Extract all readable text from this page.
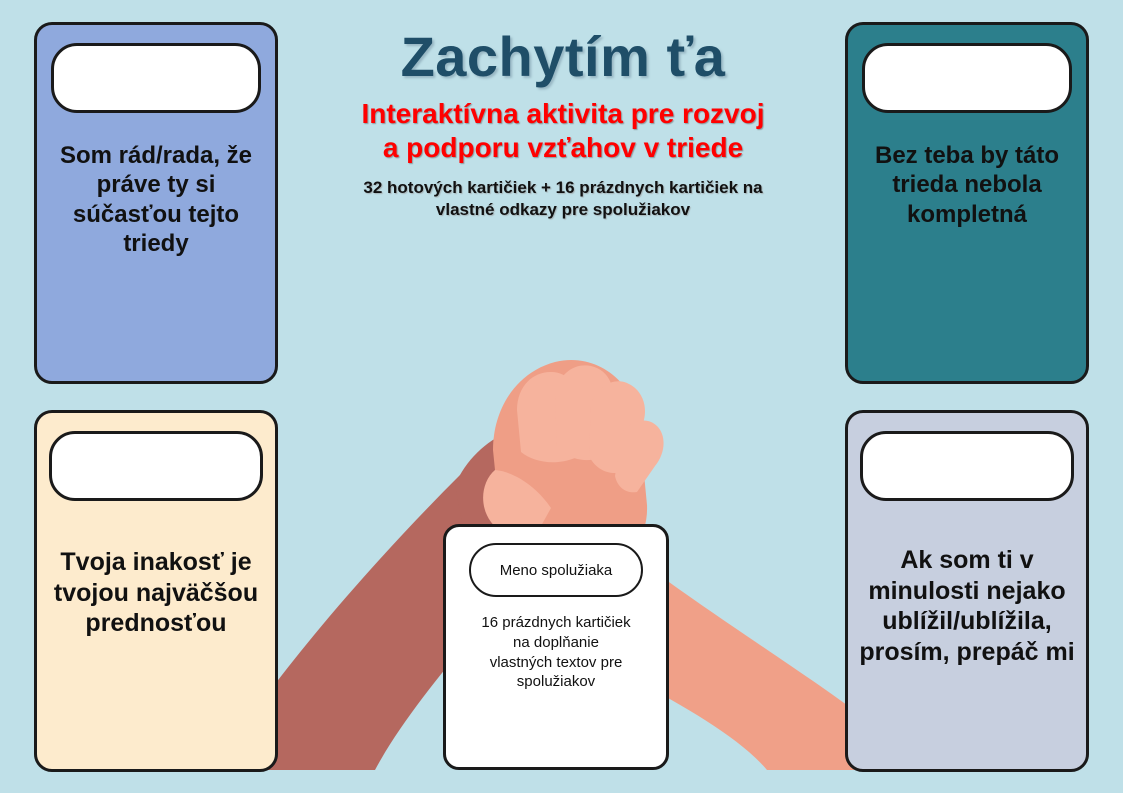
Zachytím ťa
Interaktívna aktivita pre rozvoj
a podporu vzťahov v triede
32 hotových kartičiek + 16 prázdnych kartičiek na vlastné odkazy pre spolužiakov
Som rád/rada, že práve ty si súčasťou tejto triedy
Bez teba by táto trieda nebola kompletná
Tvoja inakosť je tvojou najväčšou prednosťou
Ak som ti v minulosti nejako ublížil/ublížila, prosím, prepáč mi
Meno spolužiaka
16 prázdnych kartičiek na doplňanie vlastných textov pre spolužiakov
